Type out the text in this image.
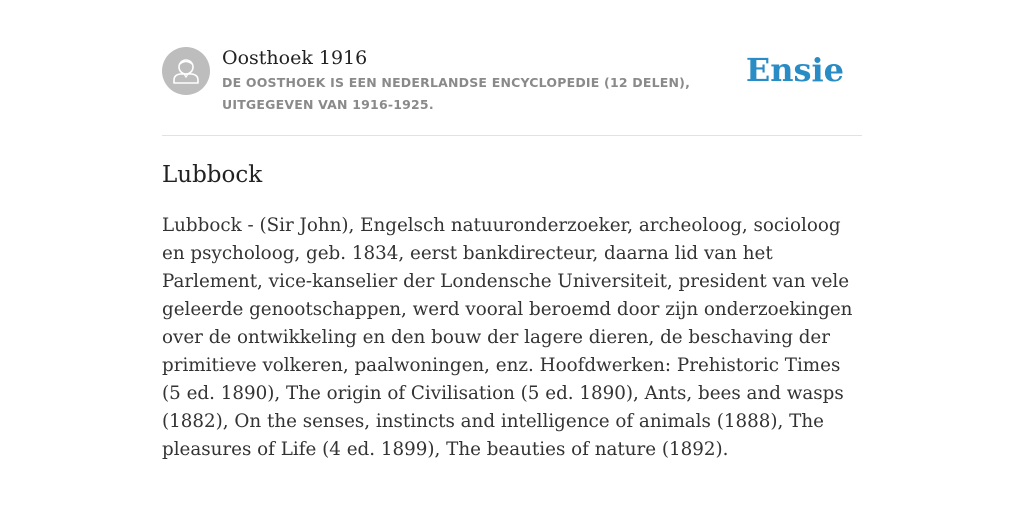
Oosthoek 1916
DE OOSTHOEK IS EEN NEDERLANDSE ENCYCLOPEDIE (12 DELEN), UITGEGEVEN VAN 1916-1925.
Ensie
Lubbock

Lubbock - (Sir John), Engelsch natuuronderzoeker, archeoloog, socioloog en psycholoog, geb. 1834, eerst bankdirecteur, daarna lid van het Parlement, vice-kanselier der Londensche Universiteit, president van vele geleerde genootschappen, werd vooral beroemd door zijn onderzoekingen over de ontwikkeling en den bouw der lagere dieren, de beschaving der primitieve volkeren, paalwoningen, enz. Hoofdwerken: Prehistoric Times (5 ed. 1890), The origin of Civilisation (5 ed. 1890), Ants, bees and wasps (1882), On the senses, instincts and intelligence of animals (1888), The pleasures of Life (4 ed. 1899), The beauties of nature (1892).
